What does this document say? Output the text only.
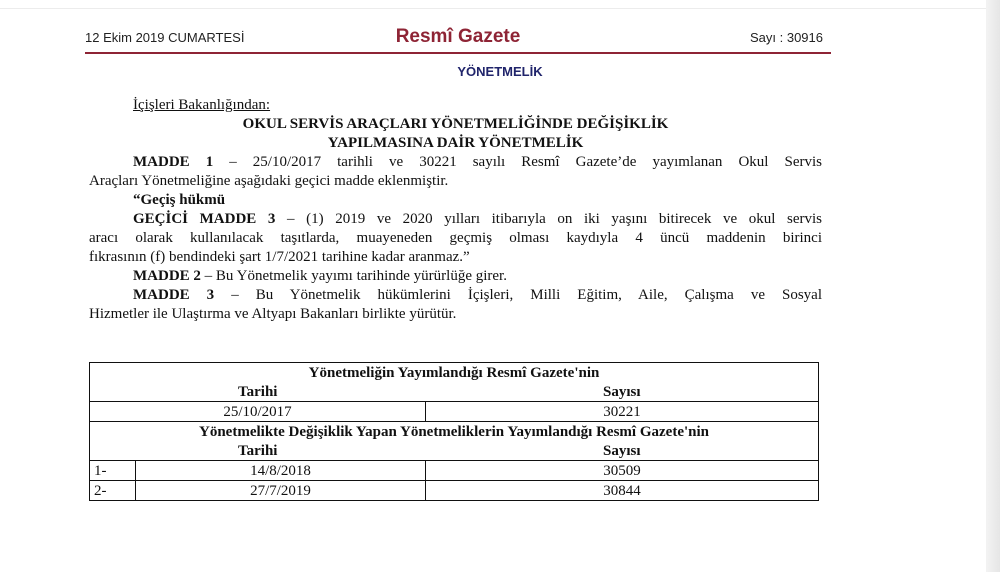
12 Ekim 2019 CUMARTESİ	Resmî Gazete	Sayı : 30916
YÖNETMELİK
İçişleri Bakanlığından:
OKUL SERVİS ARAÇLARI YÖNETMELİĞİNDE DEĞİŞİKLİK
YAPILMASINA DAİR YÖNETMELİK
MADDE 1 – 25/10/2017 tarihli ve 30221 sayılı Resmî Gazete’de yayımlanan Okul Servis
Araçları Yönetmeliğine aşağıdaki geçici madde eklenmiştir.
“Geçiş hükmü
GEÇİCİ MADDE 3 – (1) 2019 ve 2020 yılları itibarıyla on iki yaşını bitirecek ve okul servis
aracı olarak kullanılacak taşıtlarda, muayeneden geçmiş olması kaydıyla 4 üncü maddenin birinci
fıkrasının (f) bendindeki şart 1/7/2021 tarihine kadar aranmaz.”
MADDE 2 – Bu Yönetmelik yayımı tarihinde yürürlüğe girer.
MADDE 3 – Bu Yönetmelik hükümlerini İçişleri, Milli Eğitim, Aile, Çalışma ve Sosyal
Hizmetler ile Ulaştırma ve Altyapı Bakanları birlikte yürütür.
Yönetmeliğin Yayımlandığı Resmî Gazete'nin		
Tarihi		Sayısı
25/10/2017		30221
Yönetmelikte Değişiklik Yapan Yönetmeliklerin Yayımlandığı Resmî Gazete'nin		
Tarihi		Sayısı
1-	14/8/2018	30509
2-	27/7/2019	30844
